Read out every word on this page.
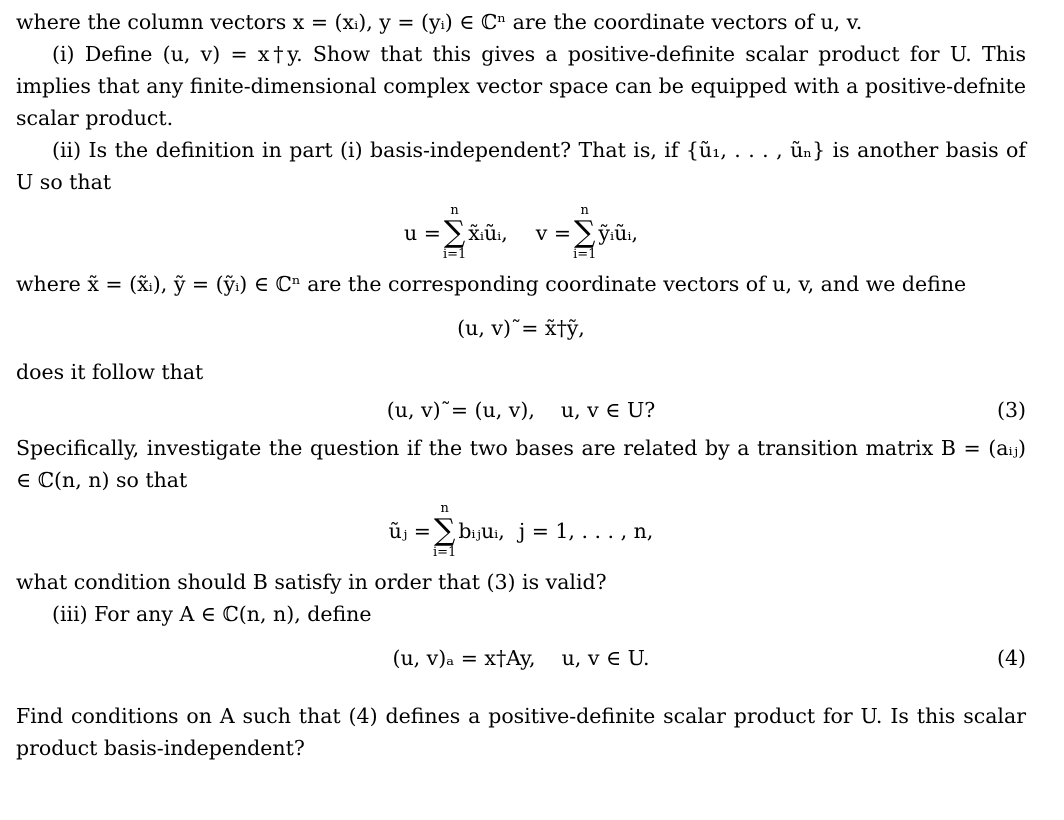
where the column vectors x = (xᵢ), y = (yᵢ) ∈ ℂⁿ are the coordinate vectors of u, v.

(i) Define (u, v) = x†y. Show that this gives a positive-definite scalar product for U. This implies that any finite-dimensional complex vector space can be equipped with a positive-defnite scalar product.

(ii) Is the definition in part (i) basis-independent? That is, if {ũ₁, . . . , ũₙ} is another basis of U so that

u =
n
∑
i=1
x̃ᵢũᵢ, v =
n
∑
i=1
ỹᵢũᵢ,

where x̃ = (x̃ᵢ), ỹ = (ỹᵢ) ∈ ℂⁿ are the corresponding coordinate vectors of u, v, and we define

(u, v)˜= x̃†ỹ,

does it follow that

(u, v)˜= (u, v),    u, v ∈ U?	(3)

Specifically, investigate the question if the two bases are related by a transition matrix B = (aᵢⱼ) ∈ ℂ(n, n) so that

ũⱼ =
n
∑
i=1
bᵢⱼuᵢ, j = 1, . . . , n,

what condition should B satisfy in order that (3) is valid?

(iii) For any A ∈ ℂ(n, n), define

(u, v)ₐ = x†Ay,    u, v ∈ U.	(4)

Find conditions on A such that (4) defines a positive-definite scalar product for U. Is this scalar product basis-independent?
